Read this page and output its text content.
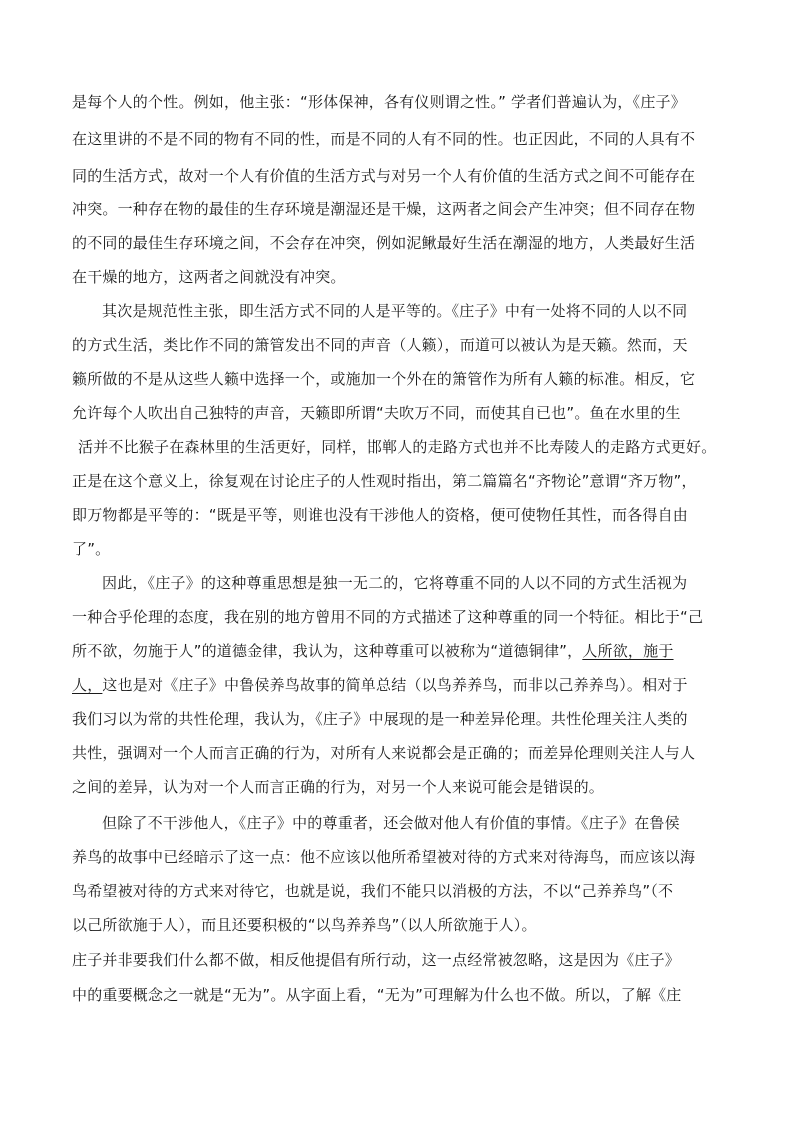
是每个人的个性。例如，他主张：“形体保神，各有仪则谓之性。” 学者们普遍认为，《庄子》
在这里讲的不是不同的物有不同的性，而是不同的人有不同的性。也正因此，不同的人具有不
同的生活方式，故对一个人有价值的生活方式与对另一个人有价值的生活方式之间不可能存在
冲突。一种存在物的最佳的生存环境是潮湿还是干燥，这两者之间会产生冲突；但不同存在物
的不同的最佳生存环境之间，不会存在冲突，例如泥鳅最好生活在潮湿的地方，人类最好生活
在干燥的地方，这两者之间就没有冲突。
其次是规范性主张，即生活方式不同的人是平等的。《庄子》中有一处将不同的人以不同
的方式生活，类比作不同的箫管发出不同的声音（人籁），而道可以被认为是天籁。然而，天
籁所做的不是从这些人籁中选择一个，或施加一个外在的箫管作为所有人籁的标准。相反，它
允许每个人吹出自己独特的声音，天籁即所谓“夫吹万不同，而使其自已也”。鱼在水里的生
活并不比猴子在森林里的生活更好，同样，邯郸人的走路方式也并不比寿陵人的走路方式更好。
正是在这个意义上，徐复观在讨论庄子的人性观时指出，第二篇篇名“齐物论”意谓“齐万物”，
即万物都是平等的：“既是平等，则谁也没有干涉他人的资格，便可使物任其性，而各得自由
了”。
因此，《庄子》的这种尊重思想是独一无二的，它将尊重不同的人以不同的方式生活视为
一种合乎伦理的态度，我在别的地方曾用不同的方式描述了这种尊重的同一个特征。相比于“己
所不欲，勿施于人”的道德金律，我认为，这种尊重可以被称为“道德铜律”，人所欲，施于
人，这也是对《庄子》中鲁侯养鸟故事的简单总结（以鸟养养鸟，而非以己养养鸟）。相对于
我们习以为常的共性伦理，我认为，《庄子》中展现的是一种差异伦理。共性伦理关注人类的
共性，强调对一个人而言正确的行为，对所有人来说都会是正确的；而差异伦理则关注人与人
之间的差异，认为对一个人而言正确的行为，对另一个人来说可能会是错误的。
但除了不干涉他人，《庄子》中的尊重者，还会做对他人有价值的事情。《庄子》在鲁侯
养鸟的故事中已经暗示了这一点：他不应该以他所希望被对待的方式来对待海鸟，而应该以海
鸟希望被对待的方式来对待它，也就是说，我们不能只以消极的方法，不以“己养养鸟”（不
以己所欲施于人），而且还要积极的“以鸟养养鸟”（以人所欲施于人）。
庄子并非要我们什么都不做，相反他提倡有所行动，这一点经常被忽略，这是因为《庄子》
中的重要概念之一就是“无为”。从字面上看，“无为”可理解为什么也不做。所以，了解《庄
